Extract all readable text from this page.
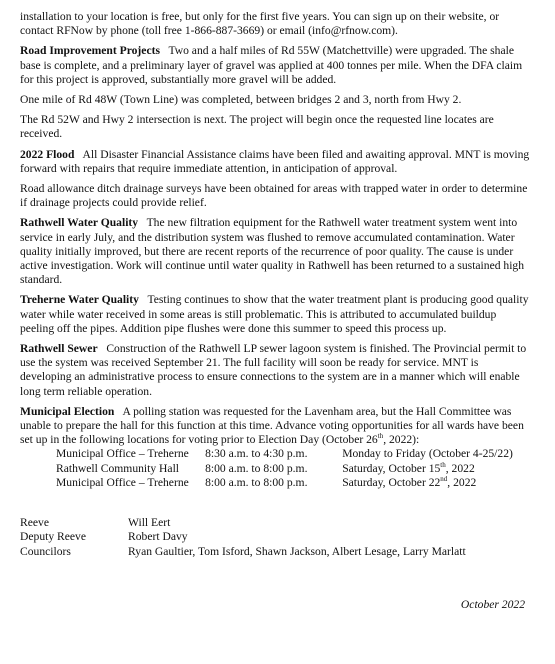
installation to your location is free, but only for the first five years. You can sign up on their website, or contact RFNow by phone (toll free 1-866-887-3669) or email (info@rfnow.com).

Road Improvement Projects Two and a half miles of Rd 55W (Matchettville) were upgraded. The shale base is complete, and a preliminary layer of gravel was applied at 400 tonnes per mile. When the DFA claim for this project is approved, substantially more gravel will be added.

One mile of Rd 48W (Town Line) was completed, between bridges 2 and 3, north from Hwy 2.

The Rd 52W and Hwy 2 intersection is next. The project will begin once the requested line locates are received.

2022 Flood All Disaster Financial Assistance claims have been filed and awaiting approval. MNT is moving forward with repairs that require immediate attention, in anticipation of approval.

Road allowance ditch drainage surveys have been obtained for areas with trapped water in order to determine if drainage projects could provide relief.

Rathwell Water Quality The new filtration equipment for the Rathwell water treatment system went into service in early July, and the distribution system was flushed to remove accumulated contamination. Water quality initially improved, but there are recent reports of the recurrence of poor quality. The cause is under active investigation. Work will continue until water quality in Rathwell has been returned to a sustained high standard.

Treherne Water Quality Testing continues to show that the water treatment plant is producing good quality water while water received in some areas is still problematic. This is attributed to accumulated buildup peeling off the pipes. Addition pipe flushes were done this summer to speed this process up.

Rathwell Sewer Construction of the Rathwell LP sewer lagoon system is finished. The Provincial permit to use the system was received September 21. The full facility will soon be ready for service. MNT is developing an administrative process to ensure connections to the system are in a manner which will enable long term reliable operation.

Municipal Election A polling station was requested for the Lavenham area, but the Hall Committee was unable to prepare the hall for this function at this time. Advance voting opportunities for all wards have been set up in the following locations for voting prior to Election Day (October 26th, 2022):

Municipal Office – Treherne	8:30 a.m. to 4:30 p.m.	Monday to Friday (October 4-25/22)
Rathwell Community Hall	8:00 a.m. to 8:00 p.m.	Saturday, October 15th, 2022
Municipal Office – Treherne	8:00 a.m. to 8:00 p.m.	Saturday, October 22nd, 2022
Reeve	Will Eert
Deputy Reeve	Robert Davy
Councilors	Ryan Gaultier, Tom Isford, Shawn Jackson, Albert Lesage, Larry Marlatt
October 2022
